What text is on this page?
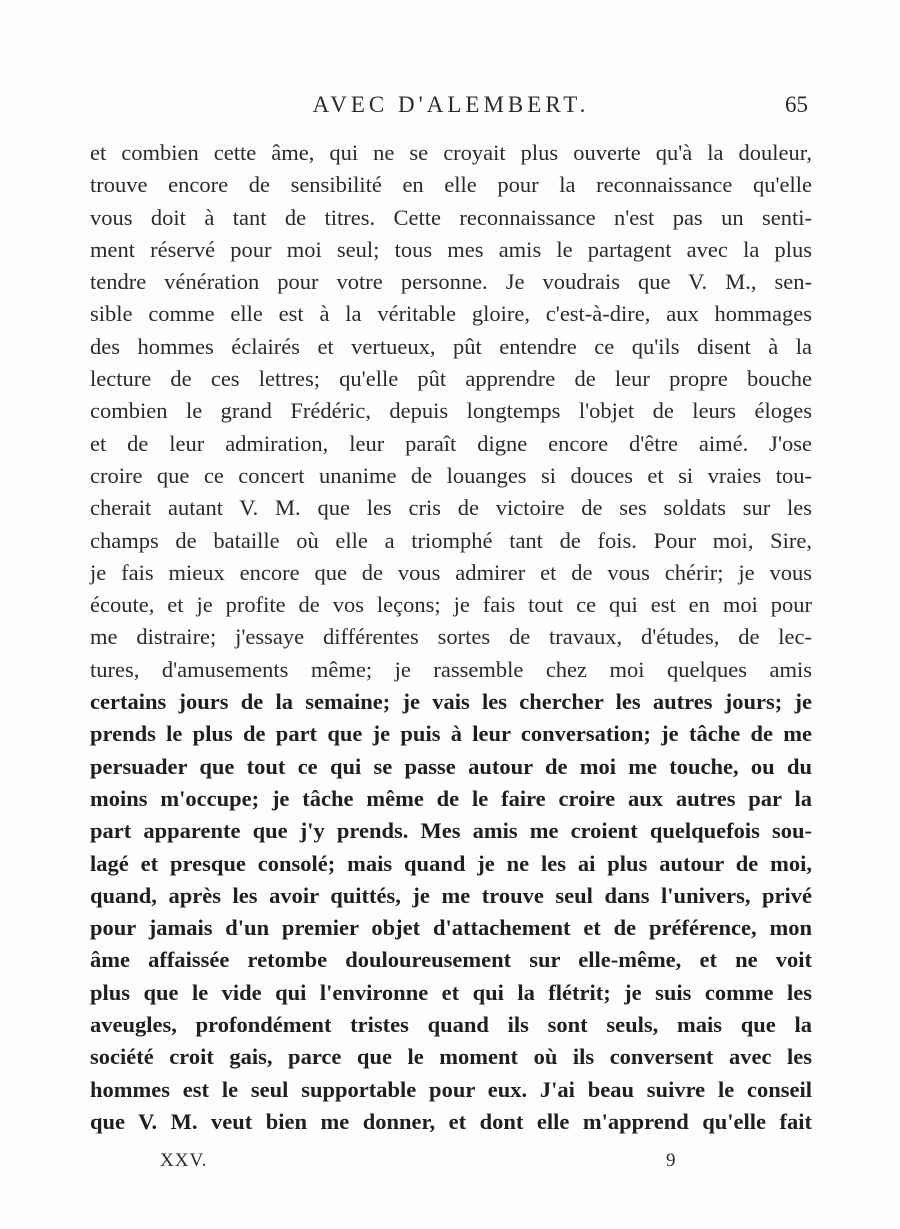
AVEC D'ALEMBERT.	65
et combien cette âme, qui ne se croyait plus ouverte qu'à la douleur,
trouve encore de sensibilité en elle pour la reconnaissance qu'elle
vous doit à tant de titres. Cette reconnaissance n'est pas un senti-
ment réservé pour moi seul; tous mes amis le partagent avec la plus
tendre vénération pour votre personne. Je voudrais que V. M., sen-
sible comme elle est à la véritable gloire, c'est-à-dire, aux hommages
des hommes éclairés et vertueux, pût entendre ce qu'ils disent à la
lecture de ces lettres; qu'elle pût apprendre de leur propre bouche
combien le grand Frédéric, depuis longtemps l'objet de leurs éloges
et de leur admiration, leur paraît digne encore d'être aimé. J'ose
croire que ce concert unanime de louanges si douces et si vraies tou-
cherait autant V. M. que les cris de victoire de ses soldats sur les
champs de bataille où elle a triomphé tant de fois. Pour moi, Sire,
je fais mieux encore que de vous admirer et de vous chérir; je vous
écoute, et je profite de vos leçons; je fais tout ce qui est en moi pour
me distraire; j'essaye différentes sortes de travaux, d'études, de lec-
tures, d'amusements même; je rassemble chez moi quelques amis
certains jours de la semaine; je vais les chercher les autres jours; je
prends le plus de part que je puis à leur conversation; je tâche de me
persuader que tout ce qui se passe autour de moi me touche, ou du
moins m'occupe; je tâche même de le faire croire aux autres par la
part apparente que j'y prends. Mes amis me croient quelquefois sou-
lagé et presque consolé; mais quand je ne les ai plus autour de moi,
quand, après les avoir quittés, je me trouve seul dans l'univers, privé
pour jamais d'un premier objet d'attachement et de préférence, mon
âme affaissée retombe douloureusement sur elle-même, et ne voit
plus que le vide qui l'environne et qui la flétrit; je suis comme les
aveugles, profondément tristes quand ils sont seuls, mais que la
société croit gais, parce que le moment où ils conversent avec les
hommes est le seul supportable pour eux. J'ai beau suivre le conseil
que V. M. veut bien me donner, et dont elle m'apprend qu'elle fait
XXV.	9
